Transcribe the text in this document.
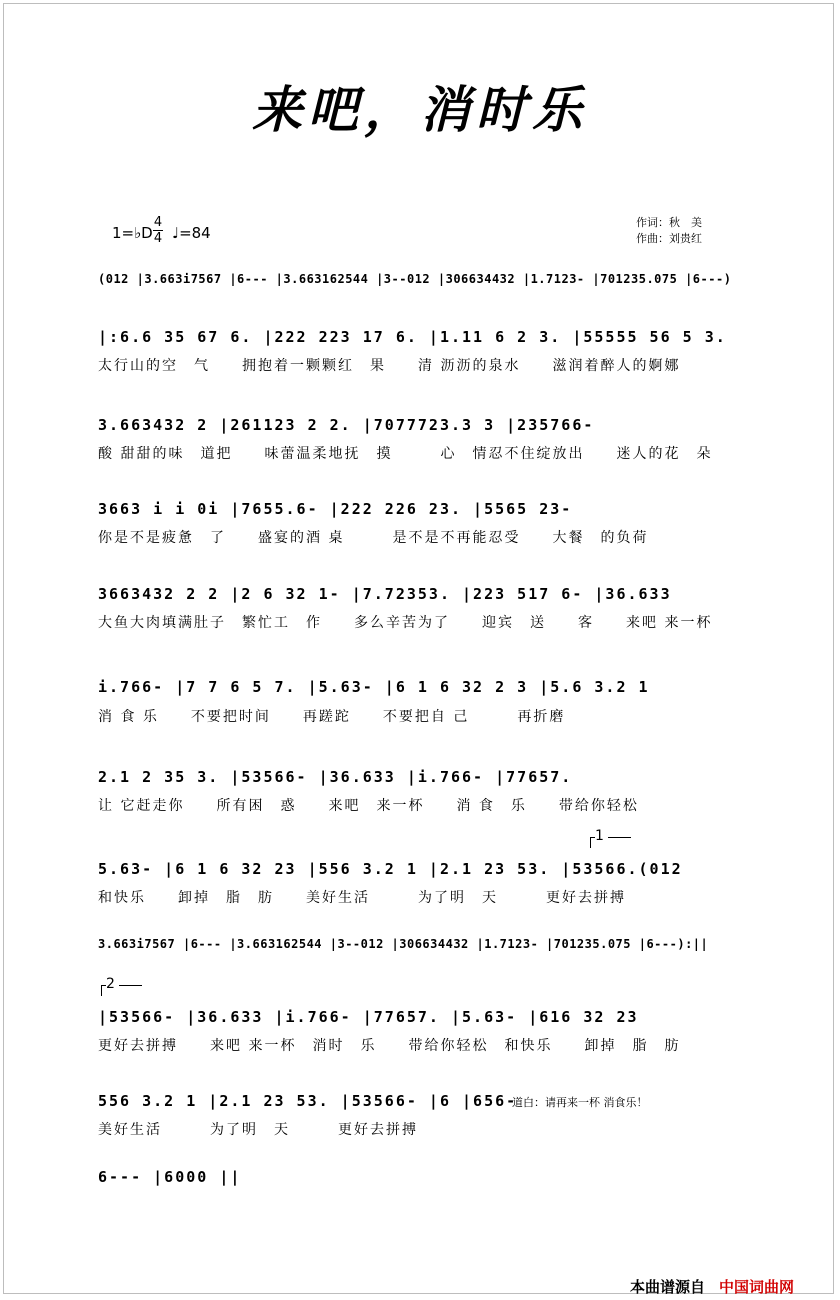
来吧，消时乐
1=♭D
4
4 ♩=84
作词：秋　美
作曲：刘贵红
(012 |3.663i7567 |6--- |3.663162544 |3--012 |306634432 |1.7123- |701235.075 |6---)
|:6.6 35 67 6. |222 223 17 6. |1.11 6 2 3. |55555 56 5 3.
太行山的空　气　　拥抱着一颗颗红　果　　清 沥沥的泉水　　滋润着醉人的婀娜
3.663432 2 |261123 2 2. |7077723.3 3 |235766-
酸 甜甜的味　道把　　味蕾温柔地抚　摸　　　心　情忍不住绽放出　　迷人的花　朵
3663 i i 0i |7655.6- |222 226 23. |5565 23-
你是不是疲惫　了　　盛宴的酒 桌　　　是不是不再能忍受　　大餐　的负荷
3663432 2 2 |2 6 32 1- |7.72353. |223 517 6- |36.633
大鱼大肉填满肚子　繁忙工　作　　多么辛苦为了　　迎宾　送　　客　　来吧 来一杯
i.766- |7 7 6 5 7. |5.63- |6 1 6 32 2 3 |5.6 3.2 1
消 食 乐　　不要把时间　　再蹉跎　　不要把自 己　　　再折磨
2.1 2 35 3. |53566- |36.633 |i.766- |77657.
让 它赶走你　　所有困　惑　　来吧　来一杯　　消 食　乐　　带给你轻松
1
5.63- |6 1 6 32 23 |556 3.2 1 |2.1 23 53. |53566.(012
和快乐　　卸掉　脂　肪　　美好生活　　　为了明　天　　　更好去拼搏
3.663i7567 |6--- |3.663162544 |3--012 |306634432 |1.7123- |701235.075 |6---):||
2
|53566- |36.633 |i.766- |77657. |5.63- |616 32 23
更好去拼搏　　来吧 来一杯　消时　乐　　带给你轻松　和快乐　　卸掉　脂　肪
556 3.2 1 |2.1 23 53. |53566- |6 |656-
道白：请再来一杯 消食乐！
美好生活　　　为了明　天　　　更好去拼搏
6--- |6000 ||
本曲谱源自 中国词曲网
